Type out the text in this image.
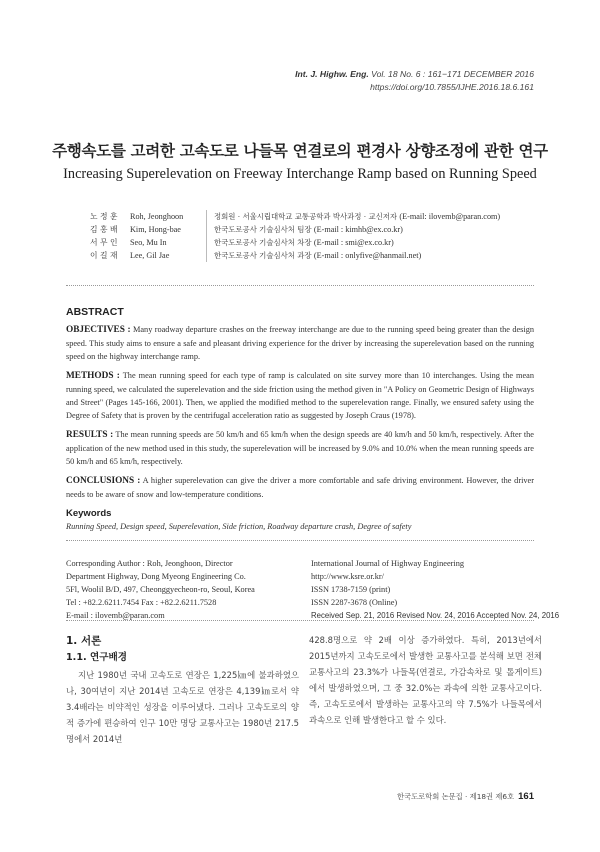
Int. J. Highw. Eng. Vol. 18 No. 6 : 161−171 DECEMBER 2016
https://doi.org/10.7855/IJHE.2016.18.6.161
주행속도를 고려한 고속도로 나들목 연결로의 편경사 상향조정에 관한 연구
Increasing Superelevation on Freeway Interchange Ramp based on Running Speed
노 정 훈	Roh, Jeonghoon	정회원 · 서울시립대학교 교통공학과 박사과정 · 교신저자 (E-mail: ilovemb@paran.com)
김 홍 배	Kim, Hong-bae	한국도로공사 기술심사처 팀장 (E-mail : kimhb@ex.co.kr)
서 무 인	Seo, Mu In	한국도로공사 기술심사처 차장 (E-mail : smi@ex.co.kr)
이 길 재	Lee, Gil Jae	한국도로공사 기술심사처 과장 (E-mail : onlyfive@hanmail.net)
ABSTRACT

OBJECTIVES : Many roadway departure crashes on the freeway interchange are due to the running speed being greater than the design speed. This study aims to ensure a safe and pleasant driving experience for the driver by increasing the superelevation based on the running speed on the highway interchange ramp.

METHODS : The mean running speed for each type of ramp is calculated on site survey more than 10 interchanges. Using the mean running speed, we calculated the superelevation and the side friction using the method given in "A Policy on Geometric Design of Highways and Street" (Pages 145-166, 2001). Then, we applied the modified method to the superelevation range. Finally, we ensured safety using the Degree of Safety that is proven by the centrifugal acceleration ratio as suggested by Joseph Craus (1978).

RESULTS : The mean running speeds are 50 km/h and 65 km/h when the design speeds are 40 km/h and 50 km/h, respectively. After the application of the new method used in this study, the superelevation will be increased by 9.0% and 10.0% when the mean running speeds are 50 km/h and 65 km/h, respectively.

CONCLUSIONS : A higher superelevation can give the driver a more comfortable and safe driving environment. However, the driver needs to be aware of snow and low-temperature conditions.

Keywords
Running Speed, Design speed, Superelevation, Side friction, Roadway departure crash, Degree of safety
Corresponding Author : Roh, Jeonghoon, Director
Department Highway, Dong Myeong Engineering Co.
5Fl, Woolil B/D, 497, Cheonggyecheon-ro, Seoul, Korea
Tel : +82.2.6211.7454 Fax : +82.2.6211.7528
E-mail : ilovemb@paran.com
International Journal of Highway Engineering
http://www.ksre.or.kr/
ISSN 1738-7159 (print)
ISSN 2287-3678 (Online)
Received Sep. 21, 2016 Revised Nov. 24, 2016 Accepted Nov. 24, 2016
1. 서론
1.1. 연구배경

지난 1980년 국내 고속도로 연장은 1,225㎞에 불과하였으나, 30여년이 지난 2014년 고속도로 연장은 4,139㎞로서 약 3.4배라는 비약적인 성장을 이루어냈다. 그러나 고속도로의 양적 증가에 편승하여 인구 10만 명당 교통사고는 1980년 217.5명에서 2014년

428.8명으로 약 2배 이상 증가하였다. 특히, 2013년에서 2015년까지 고속도로에서 발생한 교통사고를 분석해 보면 전체 교통사고의 23.3%가 나들목(연결로, 가감속차로 및 톨게이트)에서 발생하였으며, 그 중 32.0%는 과속에 의한 교통사고이다. 즉, 고속도로에서 발생하는 교통사고의 약 7.5%가 나들목에서 과속으로 인해 발생한다고 할 수 있다.

한국도로학회 논문집 · 제18권 제6호 161
